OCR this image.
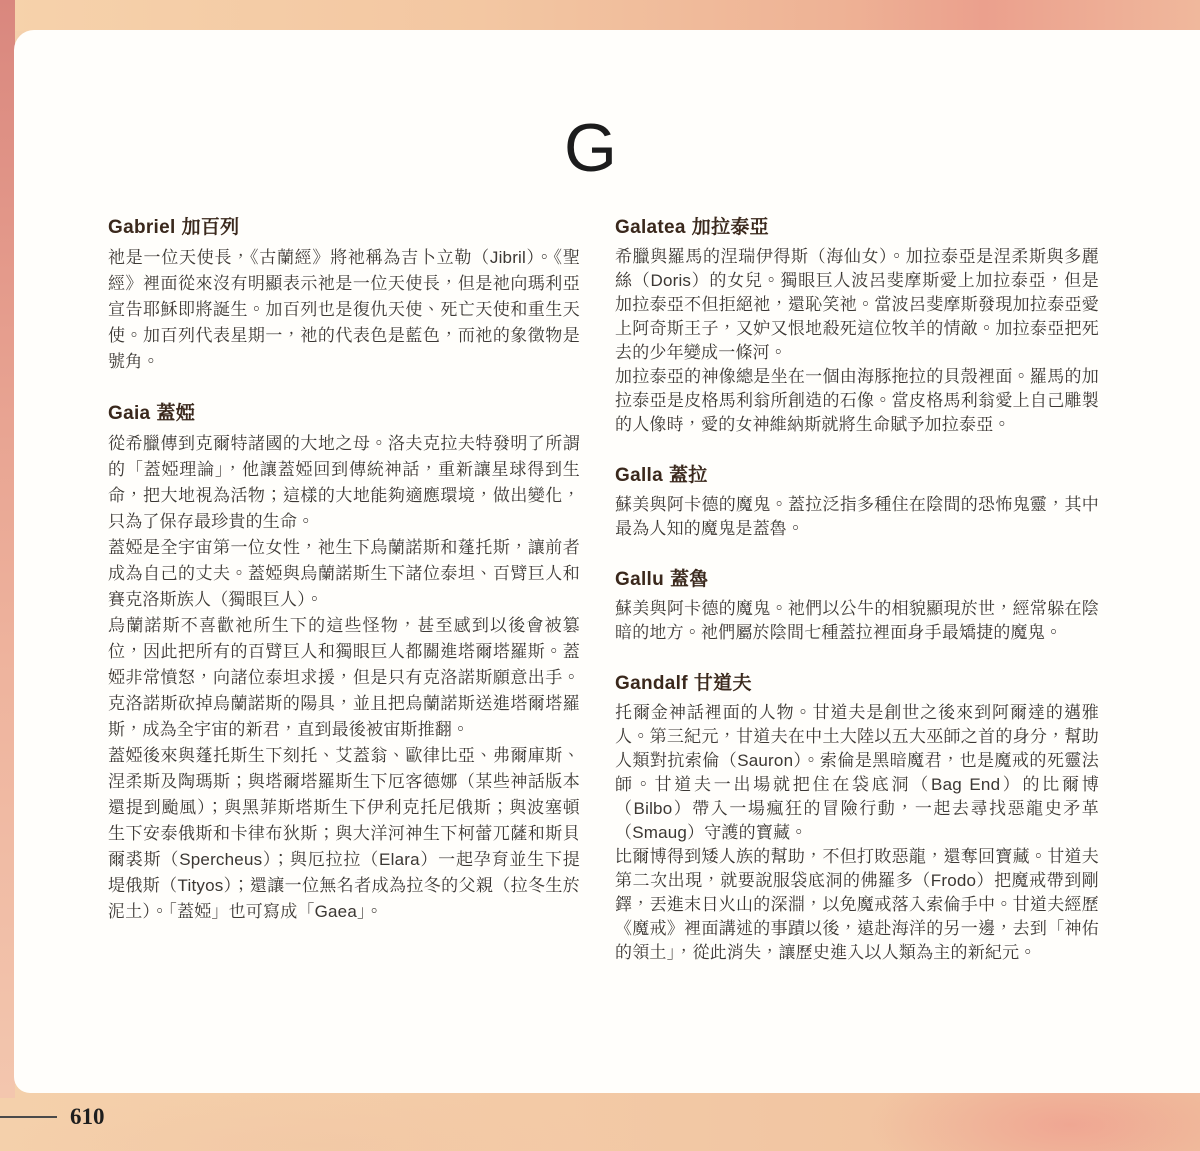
G
Gabriel 加百列

祂是一位天使長，《古蘭經》將祂稱為吉卜立勒（Jibril）。《聖經》裡面從來沒有明顯表示祂是一位天使長，但是祂向瑪利亞宣告耶穌即將誕生。加百列也是復仇天使、死亡天使和重生天使。加百列代表星期一，祂的代表色是藍色，而祂的象徵物是號角。

Gaia 蓋婭

從希臘傳到克爾特諸國的大地之母。洛夫克拉夫特發明了所謂的「蓋婭理論」，他讓蓋婭回到傳統神話，重新讓星球得到生命，把大地視為活物；這樣的大地能夠適應環境，做出變化，只為了保存最珍貴的生命。

蓋婭是全宇宙第一位女性，祂生下烏蘭諾斯和蓬托斯，讓前者成為自己的丈夫。蓋婭與烏蘭諾斯生下諸位泰坦、百臂巨人和賽克洛斯族人（獨眼巨人）。

烏蘭諾斯不喜歡祂所生下的這些怪物，甚至感到以後會被篡位，因此把所有的百臂巨人和獨眼巨人都關進塔爾塔羅斯。蓋婭非常憤怒，向諸位泰坦求援，但是只有克洛諾斯願意出手。克洛諾斯砍掉烏蘭諾斯的陽具，並且把烏蘭諾斯送進塔爾塔羅斯，成為全宇宙的新君，直到最後被宙斯推翻。

蓋婭後來與蓬托斯生下刻托、艾蓋翁、歐律比亞、弗爾庫斯、涅柔斯及陶瑪斯；與塔爾塔羅斯生下厄客德娜（某些神話版本還提到颱風）；與黑菲斯塔斯生下伊利克托尼俄斯；與波塞頓生下安泰俄斯和卡律布狄斯；與大洋河神生下柯蕾兀薩和斯貝爾裘斯（Spercheus）；與厄拉拉（Elara）一起孕育並生下提堤俄斯（Tityos）；還讓一位無名者成為拉冬的父親（拉冬生於泥土）。「蓋婭」也可寫成「Gaea」。

Galatea 加拉泰亞

希臘與羅馬的涅瑞伊得斯（海仙女）。加拉泰亞是涅柔斯與多麗絲（Doris）的女兒。獨眼巨人波呂斐摩斯愛上加拉泰亞，但是加拉泰亞不但拒絕祂，還恥笑祂。當波呂斐摩斯發現加拉泰亞愛上阿奇斯王子，又妒又恨地殺死這位牧羊的情敵。加拉泰亞把死去的少年變成一條河。

加拉泰亞的神像總是坐在一個由海豚拖拉的貝殼裡面。羅馬的加拉泰亞是皮格馬利翁所創造的石像。當皮格馬利翁愛上自己雕製的人像時，愛的女神維納斯就將生命賦予加拉泰亞。

Galla 蓋拉

蘇美與阿卡德的魔鬼。蓋拉泛指多種住在陰間的恐怖鬼靈，其中最為人知的魔鬼是蓋魯。

Gallu 蓋魯

蘇美與阿卡德的魔鬼。祂們以公牛的相貌顯現於世，經常躲在陰暗的地方。祂們屬於陰間七種蓋拉裡面身手最矯捷的魔鬼。

Gandalf 甘道夫

托爾金神話裡面的人物。甘道夫是創世之後來到阿爾達的邁雅人。第三紀元，甘道夫在中土大陸以五大巫師之首的身分，幫助人類對抗索倫（Sauron）。索倫是黑暗魔君，也是魔戒的死靈法師。甘道夫一出場就把住在袋底洞（Bag End）的比爾博（Bilbo）帶入一場瘋狂的冒險行動，一起去尋找惡龍史矛革（Smaug）守護的寶藏。

比爾博得到矮人族的幫助，不但打敗惡龍，還奪回寶藏。甘道夫第二次出現，就要說服袋底洞的佛羅多（Frodo）把魔戒帶到剛鐸，丟進末日火山的深淵，以免魔戒落入索倫手中。甘道夫經歷《魔戒》裡面講述的事蹟以後，遠赴海洋的另一邊，去到「神佑的領土」，從此消失，讓歷史進入以人類為主的新紀元。

610
